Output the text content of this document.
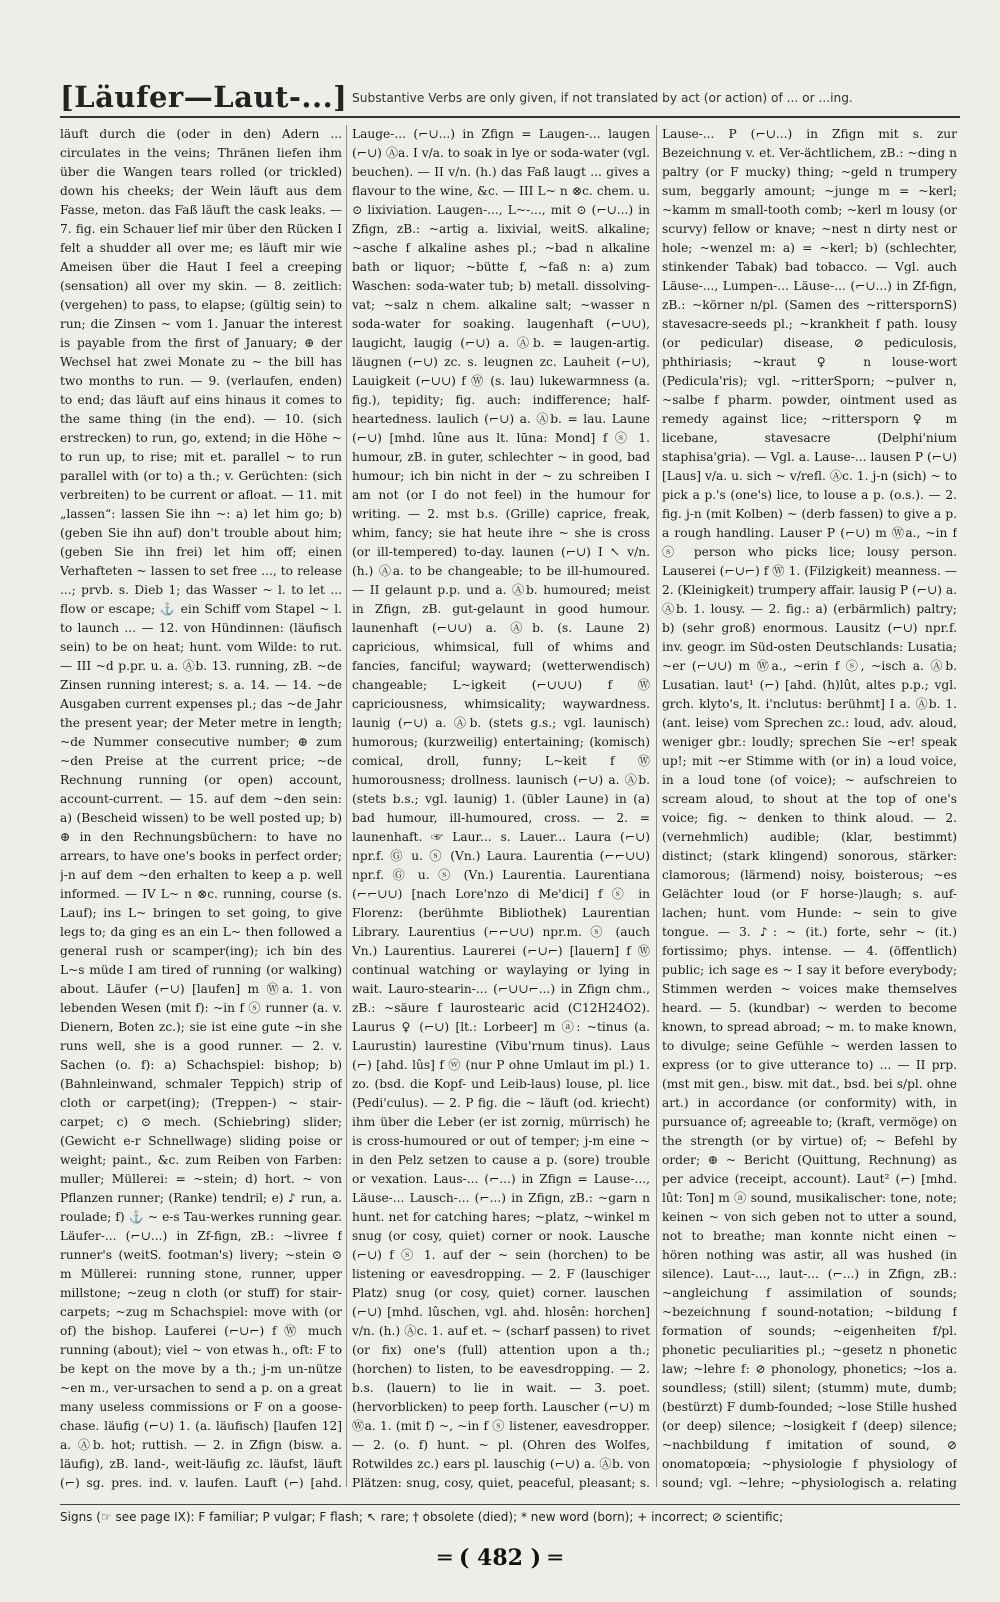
[Läufer—Laut-...] Substantive Verbs are only given, if not translated by act (or action) of ... or ...ing.

läuft durch die (oder in den) Adern ... circulates in the veins; Thränen liefen ihm über die Wangen tears rolled (or trickled) down his cheeks; der Wein läuft aus dem Fasse, meton. das Faß läuft the cask leaks. — 7. fig. ein Schauer lief mir über den Rücken I felt a shudder all over me; es läuft mir wie Ameisen über die Haut I feel a creeping (sensation) all over my skin. — 8. zeitlich: (vergehen) to pass, to elapse; (gültig sein) to run; die Zinsen ~ vom 1. Januar the interest is payable from the first of January; ⊕ der Wechsel hat zwei Monate zu ~ the bill has two months to run. — 9. (verlaufen, enden) to end; das läuft auf eins hinaus it comes to the same thing (in the end). — 10. (sich erstrecken) to run, go, extend; in die Höhe ~ to run up, to rise; mit et. parallel ~ to run parallel with (or to) a th.; v. Gerüchten: (sich verbreiten) to be current or afloat. — 11. mit „lassen“: lassen Sie ihn ~: a) let him go; b) (geben Sie ihn auf) don't trouble about him; (geben Sie ihn frei) let him off; einen Verhafteten ~ lassen to set free ..., to release ...; prvb. s. Dieb 1; das Wasser ~ l. to let ... flow or escape; ⚓ ein Schiff vom Stapel ~ l. to launch ... — 12. von Hündinnen: (läufisch sein) to be on heat; hunt. vom Wilde: to rut. — III ~d p.pr. u. a. Ⓐb. 13. running, zB. ~de Zinsen running interest; s. a. 14. — 14. ~de Ausgaben current expenses pl.; das ~de Jahr the present year; der Meter metre in length; ~de Nummer consecutive number; ⊕ zum ~den Preise at the current price; ~de Rechnung running (or open) account, account-current. — 15. auf dem ~den sein: a) (Bescheid wissen) to be well posted up; b) ⊕ in den Rechnungsbüchern: to have no arrears, to have one's books in perfect order; j-n auf dem ~den erhalten to keep a p. well informed. — IV L~ n ⊗c. running, course (s. Lauf); ins L~ bringen to set going, to give legs to; da ging es an ein L~ then followed a general rush or scamper(ing); ich bin des L~s müde I am tired of running (or walking) about. Läufer (⌐∪) [laufen] m Ⓦa. 1. von lebenden Wesen (mit f): ~in f ⓢ runner (a. v. Dienern, Boten zc.); sie ist eine gute ~in she runs well, she is a good runner. — 2. v. Sachen (o. f): a) Schachspiel: bishop; b) (Bahnleinwand, schmaler Teppich) strip of cloth or carpet(ing); (Treppen-) ~ stair-carpet; c) ⊙ mech. (Schiebring) slider; (Gewicht e-r Schnellwage) sliding poise or weight; paint., &c. zum Reiben von Farben: muller; Müllerei: = ~stein; d) hort. ~ von Pflanzen runner; (Ranke) tendril; e) ♪ run, a. roulade; f) ⚓ ~ e-s Tau-werkes running gear. Läufer-... (⌐∪...) in Zf-fign, zB.: ~livree f runner's (weitS. footman's) livery; ~stein ⊙ m Müllerei: running stone, runner, upper millstone; ~zeug n cloth (or stuff) for stair-carpets; ~zug m Schachspiel: move with (or of) the bishop. Lauferei (⌐∪⌐) f Ⓦ much running (about); viel ~ von etwas h., oft: F to be kept on the move by a th.; j-m un-nütze ~en m., ver-ursachen to send a p. on a great many useless commissions or F on a goose-chase. läufig (⌐∪) 1. (a. läufisch) [laufen 12] a. Ⓐb. hot; ruttish. — 2. in Zfign (bisw. a. läufig), zB. land-, weit-läufig zc. läufst, läuft (⌐) sg. pres. ind. v. laufen. Lauft (⌐) [ahd.

Lauge-... (⌐∪...) in Zfign = Laugen-... laugen (⌐∪) Ⓐa. I v/a. to soak in lye or soda-water (vgl. beuchen). — II v/n. (h.) das Faß laugt ... gives a flavour to the wine, &c. — III L~ n ⊗c. chem. u. ⊙ lixiviation. Laugen-..., L~-..., mit ⊙ (⌐∪...) in Zfign, zB.: ~artig a. lixivial, weitS. alkaline; ~asche f alkaline ashes pl.; ~bad n alkaline bath or liquor; ~bütte f, ~faß n: a) zum Waschen: soda-water tub; b) metall. dissolving-vat; ~salz n chem. alkaline salt; ~wasser n soda-water for soaking. laugenhaft (⌐∪∪), laugicht, laugig (⌐∪) a. Ⓐb. = laugen-artig. läugnen (⌐∪) zc. s. leugnen zc. Lauheit (⌐∪), Lauigkeit (⌐∪∪) f Ⓦ (s. lau) lukewarmness (a. fig.), tepidity; fig. auch: indifference; half-heartedness. laulich (⌐∪) a. Ⓐb. = lau. Laune (⌐∪) [mhd. lûne aus lt. lūna: Mond] f ⓢ 1. humour, zB. in guter, schlechter ~ in good, bad humour; ich bin nicht in der ~ zu schreiben I am not (or I do not feel) in the humour for writing. — 2. mst b.s. (Grille) caprice, freak, whim, fancy; sie hat heute ihre ~ she is cross (or ill-tempered) to-day. launen (⌐∪) I ↖ v/n. (h.) Ⓐa. to be changeable; to be ill-humoured. — II gelaunt p.p. und a. Ⓐb. humoured; meist in Zfign, zB. gut-gelaunt in good humour. launenhaft (⌐∪∪) a. Ⓐb. (s. Laune 2) capricious, whimsical, full of whims and fancies, fanciful; wayward; (wetterwendisch) changeable; L~igkeit (⌐∪∪∪) f Ⓦ capriciousness, whimsicality; waywardness. launig (⌐∪) a. Ⓐb. (stets g.s.; vgl. launisch) humorous; (kurzweilig) entertaining; (komisch) comical, droll, funny; L~keit f Ⓦ humorousness; drollness. launisch (⌐∪) a. Ⓐb. (stets b.s.; vgl. launig) 1. (übler Laune) in (a) bad humour, ill-humoured, cross. — 2. = launenhaft. ☞ Laur... s. Lauer... Laura (⌐∪) npr.f. Ⓖ u. ⓢ (Vn.) Laura. Laurentia (⌐⌐∪∪) npr.f. Ⓖ u. ⓢ (Vn.) Laurentia. Laurentiana (⌐⌐∪∪) [nach Lore'nzo di Me'dici] f ⓢ in Florenz: (berühmte Bibliothek) Laurentian Library. Laurentius (⌐⌐∪∪) npr.m. ⓢ (auch Vn.) Laurentius. Laurerei (⌐∪⌐) [lauern] f Ⓦ continual watching or waylaying or lying in wait. Lauro-stearin-... (⌐∪∪⌐...) in Zfign chm., zB.: ~säure f laurostearic acid (C12H24O2). Laurus ♀ (⌐∪) [lt.: Lorbeer] m ⓐ: ~tinus (a. Laurustin) laurestine (Vibu'rnum tinus). Laus (⌐) [ahd. lûs] f ⓦ (nur P ohne Umlaut im pl.) 1. zo. (bsd. die Kopf- und Leib-laus) louse, pl. lice (Pedi'culus). — 2. P fig. die ~ läuft (od. kriecht) ihm über die Leber (er ist zornig, mürrisch) he is cross-humoured or out of temper; j-m eine ~ in den Pelz setzen to cause a p. (sore) trouble or vexation. Laus-... (⌐...) in Zfign = Lause-..., Läuse-... Lausch-... (⌐...) in Zfign, zB.: ~garn n hunt. net for catching hares; ~platz, ~winkel m snug (or cosy, quiet) corner or nook. Lausche (⌐∪) f ⓢ 1. auf der ~ sein (horchen) to be listening or eavesdropping. — 2. F (lauschiger Platz) snug (or cosy, quiet) corner. lauschen (⌐∪) [mhd. lûschen, vgl. ahd. hlosên: horchen] v/n. (h.) Ⓐc. 1. auf et. ~ (scharf passen) to rivet (or fix) one's (full) attention upon a th.; (horchen) to listen, to be eavesdropping. — 2. b.s. (lauern) to lie in wait. — 3. poet. (hervorblicken) to peep forth. Lauscher (⌐∪) m Ⓦa. 1. (mit f) ~, ~in f ⓢ listener, eavesdropper. — 2. (o. f) hunt. ~ pl. (Ohren des Wolfes, Rotwildes zc.) ears pl. lauschig (⌐∪) a. Ⓐb. von Plätzen: snug, cosy, quiet, peaceful, pleasant; s.

Lause-... P (⌐∪...) in Zfign mit s. zur Bezeichnung v. et. Ver-ächtlichem, zB.: ~ding n paltry (or F mucky) thing; ~geld n trumpery sum, beggarly amount; ~junge m = ~kerl; ~kamm m small-tooth comb; ~kerl m lousy (or scurvy) fellow or knave; ~nest n dirty nest or hole; ~wenzel m: a) = ~kerl; b) (schlechter, stinkender Tabak) bad tobacco. — Vgl. auch Läuse-..., Lumpen-... Läuse-... (⌐∪...) in Zf-fign, zB.: ~körner n/pl. (Samen des ~ritterspornS) stavesacre-seeds pl.; ~krankheit f path. lousy (or pedicular) disease, ⊘ pediculosis, phthiriasis; ~kraut ♀ n louse-wort (Pedicula'ris); vgl. ~ritterSporn; ~pulver n, ~salbe f pharm. powder, ointment used as remedy against lice; ~rittersporn ♀ m licebane, stavesacre (Delphi'nium staphisa'gria). — Vgl. a. Lause-... lausen P (⌐∪) [Laus] v/a. u. sich ~ v/refl. Ⓐc. 1. j-n (sich) ~ to pick a p.'s (one's) lice, to louse a p. (o.s.). — 2. fig. j-n (mit Kolben) ~ (derb fassen) to give a p. a rough handling. Lauser P (⌐∪) m Ⓦa., ~in f ⓢ person who picks lice; lousy person. Lauserei (⌐∪⌐) f Ⓦ 1. (Filzigkeit) meanness. — 2. (Kleinigkeit) trumpery affair. lausig P (⌐∪) a. Ⓐb. 1. lousy. — 2. fig.: a) (erbärmlich) paltry; b) (sehr groß) enormous. Lausitz (⌐∪) npr.f. inv. geogr. im Süd-osten Deutschlands: Lusatia; ~er (⌐∪∪) m Ⓦa., ~erin f ⓢ, ~isch a. Ⓐb. Lusatian. laut¹ (⌐) [ahd. (h)lût, altes p.p.; vgl. grch. klyto's, lt. i'nclutus: berühmt] I a. Ⓐb. 1. (ant. leise) vom Sprechen zc.: loud, adv. aloud, weniger gbr.: loudly; sprechen Sie ~er! speak up!; mit ~er Stimme with (or in) a loud voice, in a loud tone (of voice); ~ aufschreien to scream aloud, to shout at the top of one's voice; fig. ~ denken to think aloud. — 2. (vernehmlich) audible; (klar, bestimmt) distinct; (stark klingend) sonorous, stärker: clamorous; (lärmend) noisy, boisterous; ~es Gelächter loud (or F horse-)laugh; s. auf-lachen; hunt. vom Hunde: ~ sein to give tongue. — 3. ♪: ~ (it.) forte, sehr ~ (it.) fortissimo; phys. intense. — 4. (öffentlich) public; ich sage es ~ I say it before everybody; Stimmen werden ~ voices make themselves heard. — 5. (kundbar) ~ werden to become known, to spread abroad; ~ m. to make known, to divulge; seine Gefühle ~ werden lassen to express (or to give utterance to) ... — II prp. (mst mit gen., bisw. mit dat., bsd. bei s/pl. ohne art.) in accordance (or conformity) with, in pursuance of; agreeable to; (kraft, vermöge) on the strength (or by virtue) of; ~ Befehl by order; ⊕ ~ Bericht (Quittung, Rechnung) as per advice (receipt, account). Laut² (⌐) [mhd. lût: Ton] m ⓐ sound, musikalischer: tone, note; keinen ~ von sich geben not to utter a sound, not to breathe; man konnte nicht einen ~ hören nothing was astir, all was hushed (in silence). Laut-..., laut-... (⌐...) in Zfign, zB.: ~angleichung f assimilation of sounds; ~bezeichnung f sound-notation; ~bildung f formation of sounds; ~eigenheiten f/pl. phonetic peculiarities pl.; ~gesetz n phonetic law; ~lehre f: ⊘ phonology, phonetics; ~los a. soundless; (still) silent; (stumm) mute, dumb; (bestürzt) F dumb-founded; ~lose Stille hushed (or deep) silence; ~losigkeit f (deep) silence; ~nachbildung f imitation of sound, ⊘ onomatopœia; ~physiologie f physiology of sound; vgl. ~lehre; ~physiologisch a. relating

Signs (☞ see page IX): F familiar; P vulgar; F flash; ↖ rare; † obsolete (died); * new word (born); + incorrect; ⊘ scientific;
═ ( 482 ) ═
